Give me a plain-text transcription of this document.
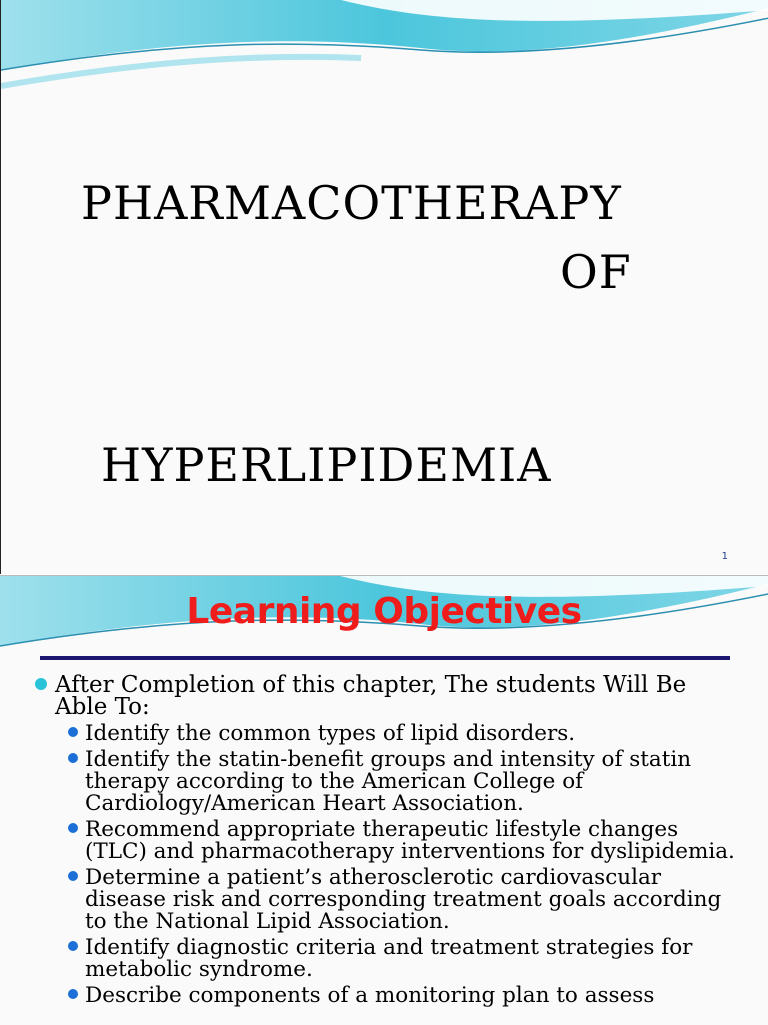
PHARMACOTHERAPY
OF
HYPERLIPIDEMIA
1
Learning Objectives
After Completion of this chapter, The students Will Be Able To:
Identify the common types of lipid disorders.
Identify the statin-benefit groups and intensity of statin therapy according to the American College of Cardiology/American Heart Association.
Recommend appropriate therapeutic lifestyle changes (TLC) and pharmacotherapy interventions for dyslipidemia.
Determine a patient’s atherosclerotic cardiovascular disease risk and corresponding treatment goals according to the National Lipid Association.
Identify diagnostic criteria and treatment strategies for metabolic syndrome.
Describe components of a monitoring plan to assess
